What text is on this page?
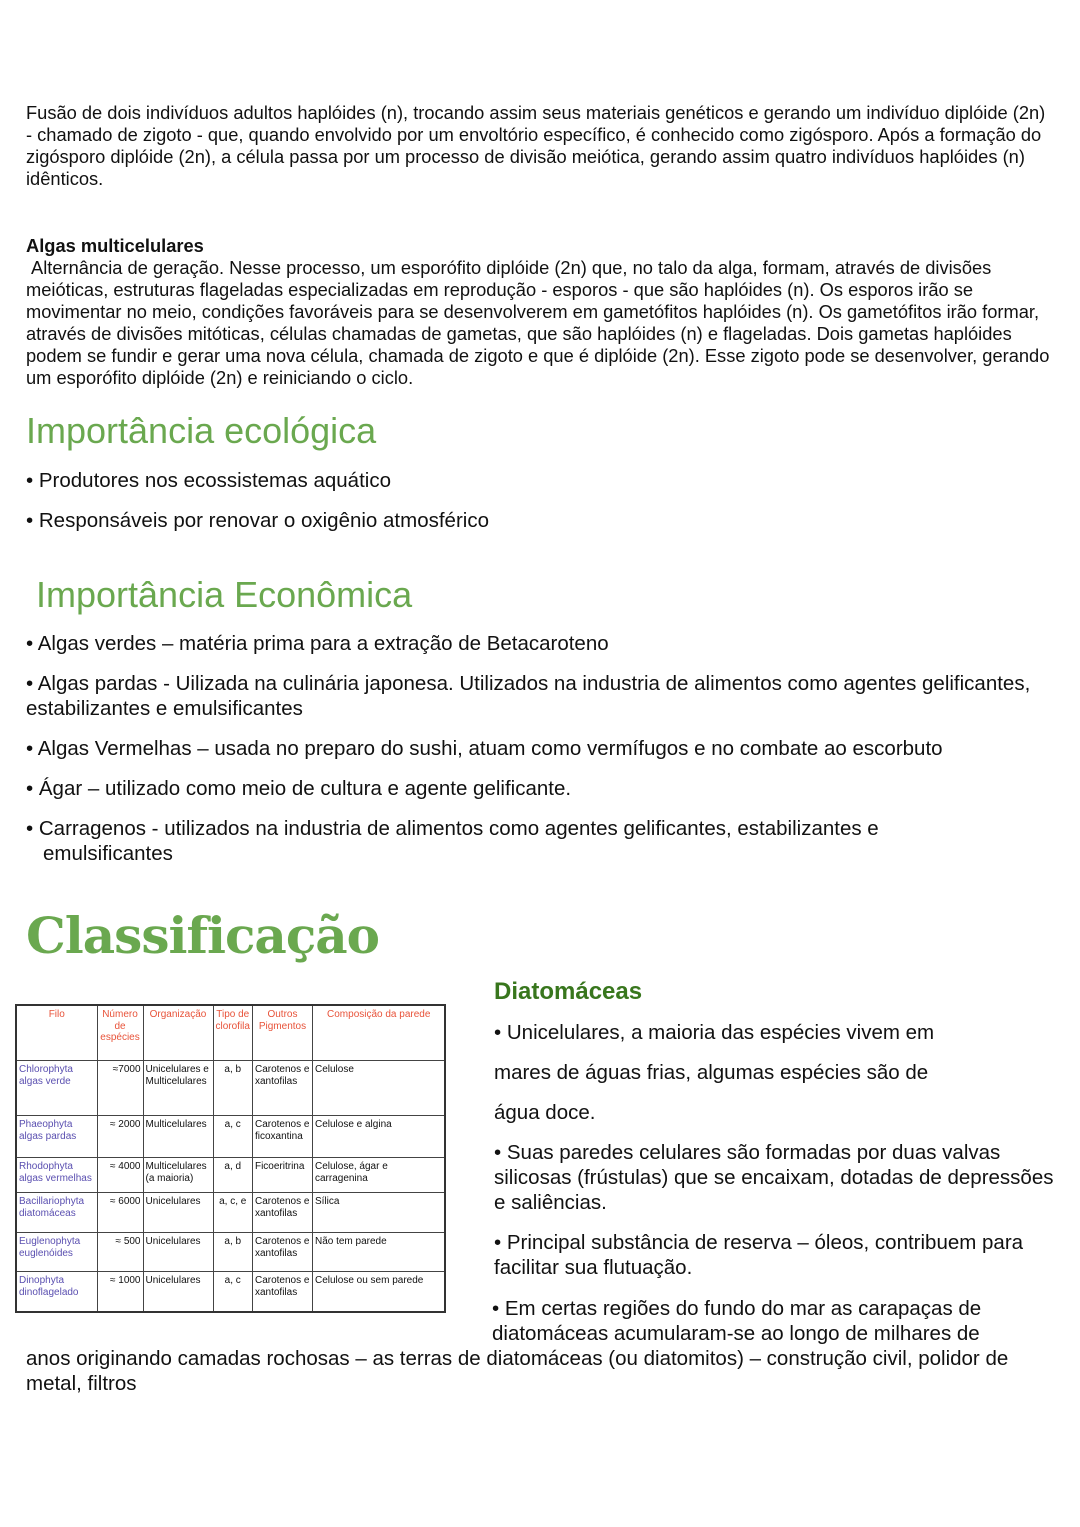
Fusão de dois indivíduos adultos haplóides (n), trocando assim seus materiais genéticos e gerando um indivíduo diplóide (2n) - chamado de zigoto - que, quando envolvido por um envoltório específico, é conhecido como zigósporo. Após a formação do zigósporo diplóide (2n), a célula passa por um processo de divisão meiótica, gerando assim quatro indivíduos haplóides (n) idênticos.
Algas multicelulares
Alternância de geração. Nesse processo, um esporófito diplóide (2n) que, no talo da alga, formam, através de divisões meióticas, estruturas flageladas especializadas em reprodução - esporos - que são haplóides (n). Os esporos irão se movimentar no meio, condições favoráveis para se desenvolverem em gametófitos haplóides (n). Os gametófitos irão formar, através de divisões mitóticas, células chamadas de gametas, que são haplóides (n) e flageladas. Dois gametas haplóides podem se fundir e gerar uma nova célula, chamada de zigoto e que é diplóide (2n). Esse zigoto pode se desenvolver, gerando um esporófito diplóide (2n) e reiniciando o ciclo.
Importância ecológica
• Produtores nos ecossistemas aquático
• Responsáveis por renovar o oxigênio atmosférico
Importância Econômica
• Algas verdes – matéria prima para a extração de Betacaroteno
• Algas pardas - Uilizada na culinária japonesa. Utilizados na industria de alimentos como agentes gelificantes, estabilizantes e emulsificantes
• Algas Vermelhas – usada no preparo do sushi, atuam como vermífugos e no combate ao escorbuto
• Ágar – utilizado como meio de cultura e agente gelificante.
• Carragenos - utilizados na industria de alimentos como agentes gelificantes, estabilizantes e emulsificantes
Classificação
Filo	Número de espécies	Organização	Tipo de clorofila	Outros Pigmentos	Composição da parede
Chlorophyta algas verde	≈7000	Unicelulares e Multicelulares	a, b	Carotenos e xantofilas	Celulose
Phaeophyta algas pardas	≈ 2000	Multicelulares	a, c	Carotenos e ficoxantina	Celulose e algina
Rhodophyta algas vermelhas	≈ 4000	Multicelulares (a maioria)	a, d	Ficoeritrina	Celulose, ágar e carragenina
Bacillariophyta diatomáceas	≈ 6000	Unicelulares	a, c, e	Carotenos e xantofilas	Sílica
Euglenophyta euglenóides	≈ 500	Unicelulares	a, b	Carotenos e xantofilas	Não tem parede
Dinophyta dinoflagelado	≈ 1000	Unicelulares	a, c	Carotenos e xantofilas	Celulose ou sem parede
Diatomáceas
• Unicelulares, a maioria das espécies vivem em
mares de águas frias, algumas espécies são de
água doce.
• Suas paredes celulares são formadas por duas valvas silicosas (frústulas) que se encaixam, dotadas de depressões e saliências.
• Principal substância de reserva – óleos, contribuem para facilitar sua flutuação.
• Em certas regiões do fundo do mar as carapaças de diatomáceas acumularam-se ao longo de milhares de
anos originando camadas rochosas – as terras de diatomáceas (ou diatomitos) – construção civil, polidor de metal, filtros
